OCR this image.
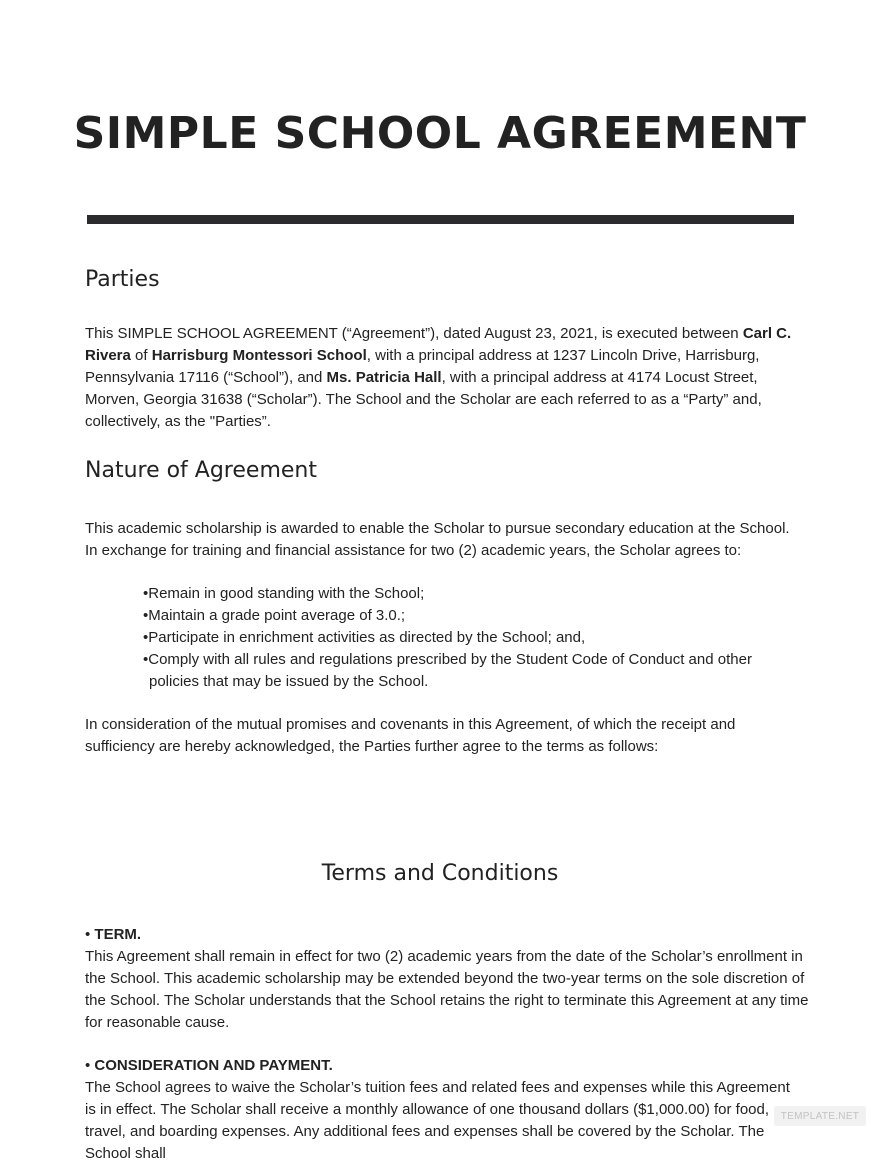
SIMPLE SCHOOL AGREEMENT
Parties

This SIMPLE SCHOOL AGREEMENT (“Agreement”), dated August 23, 2021, is executed between Carl C. Rivera of Harrisburg Montessori School, with a principal address at 1237 Lincoln Drive, Harrisburg, Pennsylvania 17116 (“School”), and Ms. Patricia Hall, with a principal address at 4174 Locust Street, Morven, Georgia 31638 (“Scholar”). The School and the Scholar are each referred to as a “Party” and, collectively, as the "Parties”.

Nature of Agreement

This academic scholarship is awarded to enable the Scholar to pursue secondary education at the School.
In exchange for training and financial assistance for two (2) academic years, the Scholar agrees to:

•Remain in good standing with the School;
•Maintain a grade point average of 3.0.;
•Participate in enrichment activities as directed by the School; and,
•Comply with all rules and regulations prescribed by the Student Code of Conduct and other policies that may be issued by the School.

In consideration of the mutual promises and covenants in this Agreement, of which the receipt and sufficiency are hereby acknowledged, the Parties further agree to the terms as follows:

Terms and Conditions

• TERM.

This Agreement shall remain in effect for two (2) academic years from the date of the Scholar’s enrollment in the School. This academic scholarship may be extended beyond the two-year terms on the sole discretion of the School. The Scholar understands that the School retains the right to terminate this Agreement at any time for reasonable cause.

• CONSIDERATION AND PAYMENT.

The School agrees to waive the Scholar’s tuition fees and related fees and expenses while this Agreement is in effect. The Scholar shall receive a monthly allowance of one thousand dollars ($1,000.00) for food, travel, and boarding expenses. Any additional fees and expenses shall be covered by the Scholar. The School shall

TEMPLATE.NET
